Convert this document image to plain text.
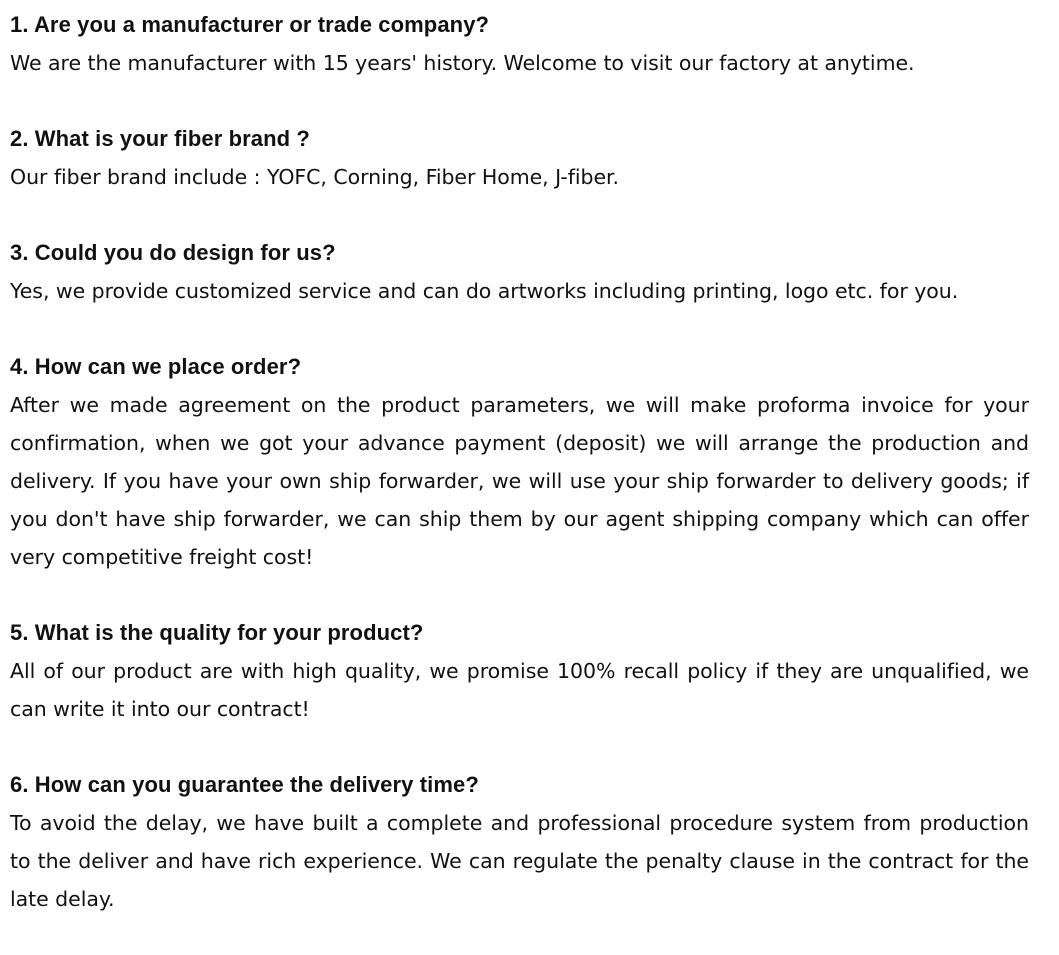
1. Are you a manufacturer or trade company?

We are the manufacturer with 15 years' history. Welcome to visit our factory at anytime.

2. What is your fiber brand ?

Our fiber brand include : YOFC, Corning, Fiber Home, J-fiber.

3. Could you do design for us?

Yes, we provide customized service and can do artworks including printing, logo etc. for you.

4. How can we place order?

After we made agreement on the product parameters, we will make proforma invoice for your confirmation, when we got your advance payment (deposit) we will arrange the production and delivery. If you have your own ship forwarder, we will use your ship forwarder to delivery goods; if you don't have ship forwarder, we can ship them by our agent shipping company which can offer very competitive freight cost!

5. What is the quality for your product?

All of our product are with high quality, we promise 100% recall policy if they are unqualified, we can write it into our contract!

6. How can you guarantee the delivery time?

To avoid the delay, we have built a complete and professional procedure system from production to the deliver and have rich experience. We can regulate the penalty clause in the contract for the late delay.
